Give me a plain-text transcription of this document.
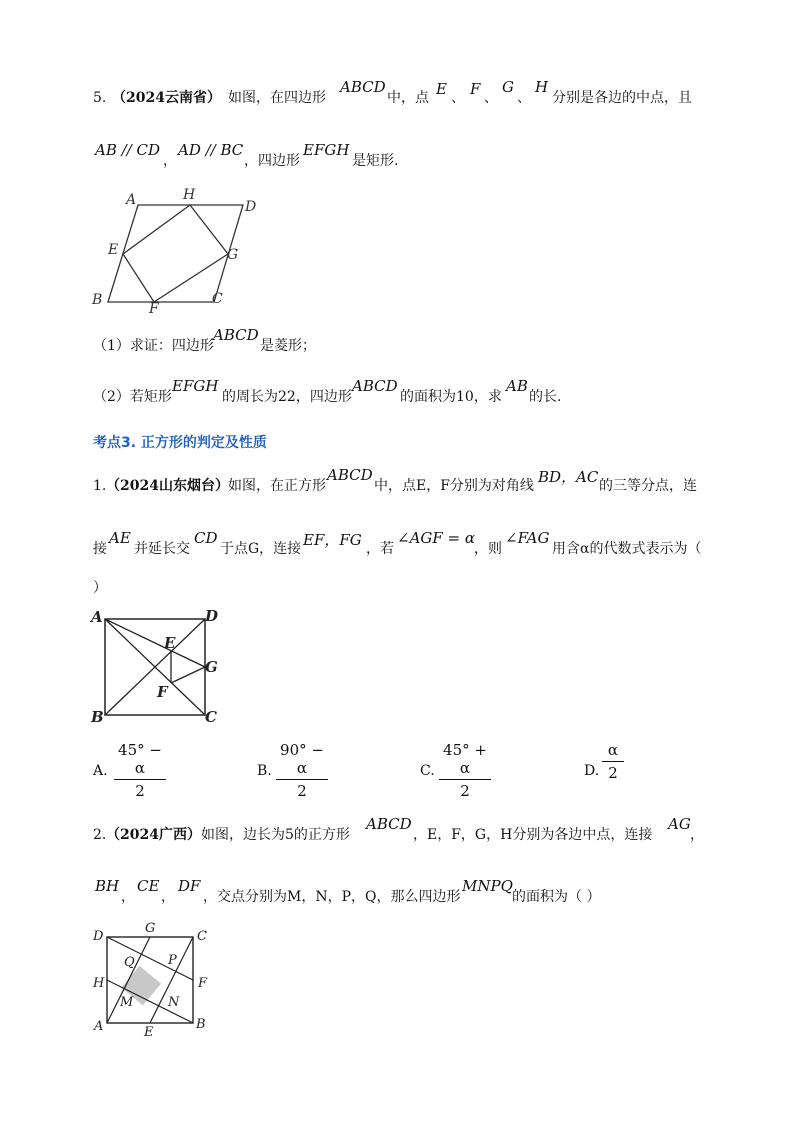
5. （2024云南省） 如图，在四边形
ABCD
中，点 E 、 F 、
G
、
H
分别是各边的中点，且
AB // CD
，
AD // BC
，四边形
EFGH
是矩形.
A	H
D
E	G
B
F
C
（1）求证：四边形
ABCD
是菱形；
（2）若矩形
EFGH
的周长为22，四边形
ABCD
的面积为10，求
AB
的长.
考点3. 正方形的判定及性质
1. （2024山东烟台） 如图，在正方形
ABCD
中，点E，F分别为对角线 BD，AC 的三等分点，连
接
AE
并延长交
CD
于点G，连接 EF，FG ，若
∠AGF = α
，则
∠FAG
用含α的代数式表示为（
）
A	D
E
G
F
B	C
A.
45° − α
2
B.
90° − α
2
C.
45° + α
2
D.
α
2
2. （2024广西） 如图，边长为5的正方形
ABCD
，E，F，G，H分别为各边中点，连接
AG
，
BH
，
CE
，
DF
，交点分别为M，N，P，Q，那么四边形
MNPQ
的面积为（ ）
D
G
C
Q	P
H	F
M	N
A	E
B
